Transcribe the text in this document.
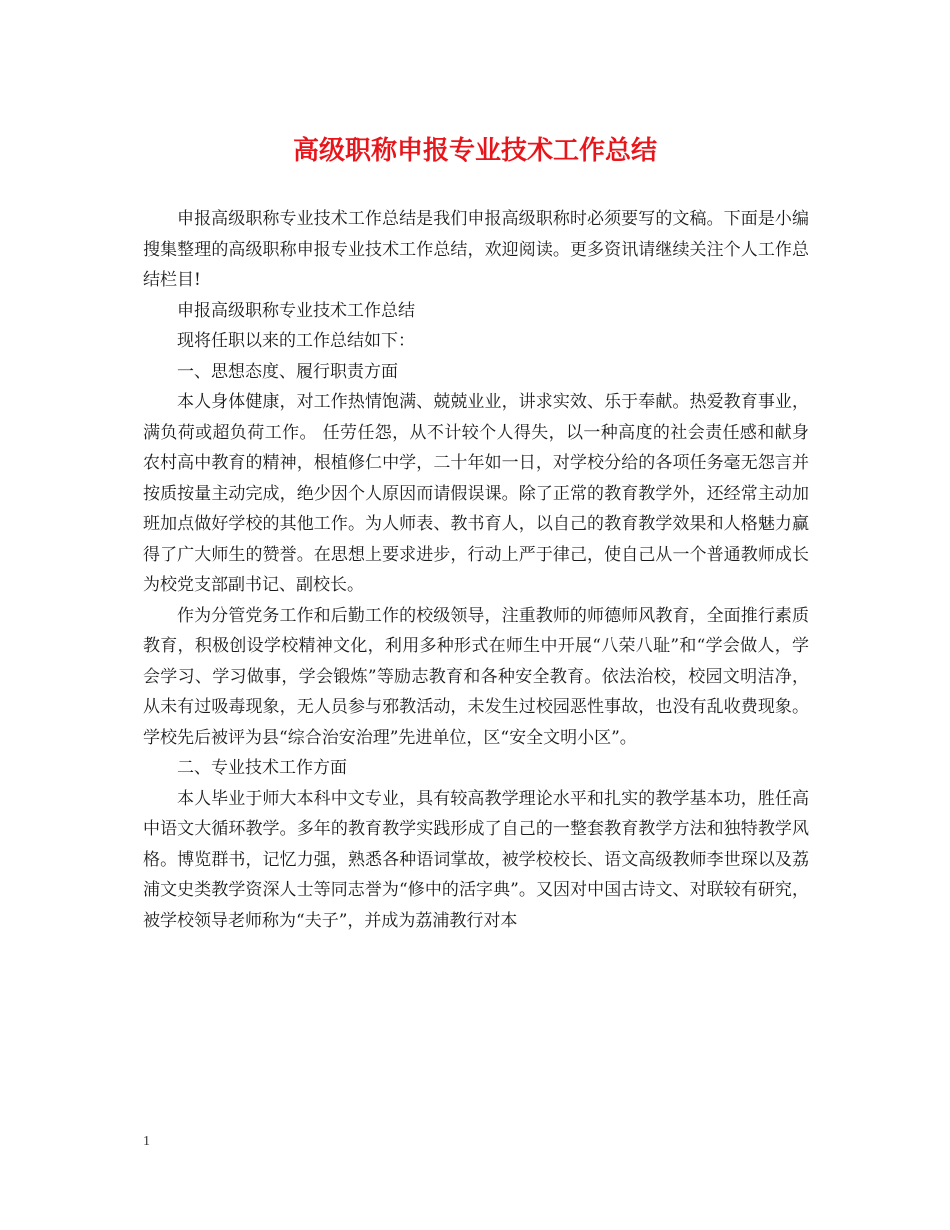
高级职称申报专业技术工作总结

申报高级职称专业技术工作总结是我们申报高级职称时必须要写的文稿。下面是小编搜集整理的高级职称申报专业技术工作总结，欢迎阅读。更多资讯请继续关注个人工作总结栏目!

申报高级职称专业技术工作总结

现将任职以来的工作总结如下：

一、思想态度、履行职责方面

本人身体健康，对工作热情饱满、兢兢业业，讲求实效、乐于奉献。热爱教育事业，满负荷或超负荷工作。 任劳任怨，从不计较个人得失，以一种高度的社会责任感和献身农村高中教育的精神，根植修仁中学，二十年如一日，对学校分给的各项任务毫无怨言并按质按量主动完成，绝少因个人原因而请假误课。除了正常的教育教学外，还经常主动加班加点做好学校的其他工作。为人师表、教书育人，以自己的教育教学效果和人格魅力赢得了广大师生的赞誉。在思想上要求进步，行动上严于律己，使自己从一个普通教师成长为校党支部副书记、副校长。

作为分管党务工作和后勤工作的校级领导，注重教师的师德师风教育，全面推行素质教育，积极创设学校精神文化，利用多种形式在师生中开展“八荣八耻”和“学会做人，学会学习、学习做事，学会锻炼”等励志教育和各种安全教育。依法治校，校园文明洁净，从未有过吸毒现象，无人员参与邪教活动，未发生过校园恶性事故，也没有乱收费现象。学校先后被评为县“综合治安治理”先进单位，区“安全文明小区”。

二、专业技术工作方面

本人毕业于师大本科中文专业，具有较高教学理论水平和扎实的教学基本功，胜任高中语文大循环教学。多年的教育教学实践形成了自己的一整套教育教学方法和独特教学风格。博览群书，记忆力强，熟悉各种语词掌故，被学校校长、语文高级教师李世琛以及荔浦文史类教学资深人士等同志誉为“修中的活字典”。又因对中国古诗文、对联较有研究，被学校领导老师称为“夫子”，并成为荔浦教行对本

1
